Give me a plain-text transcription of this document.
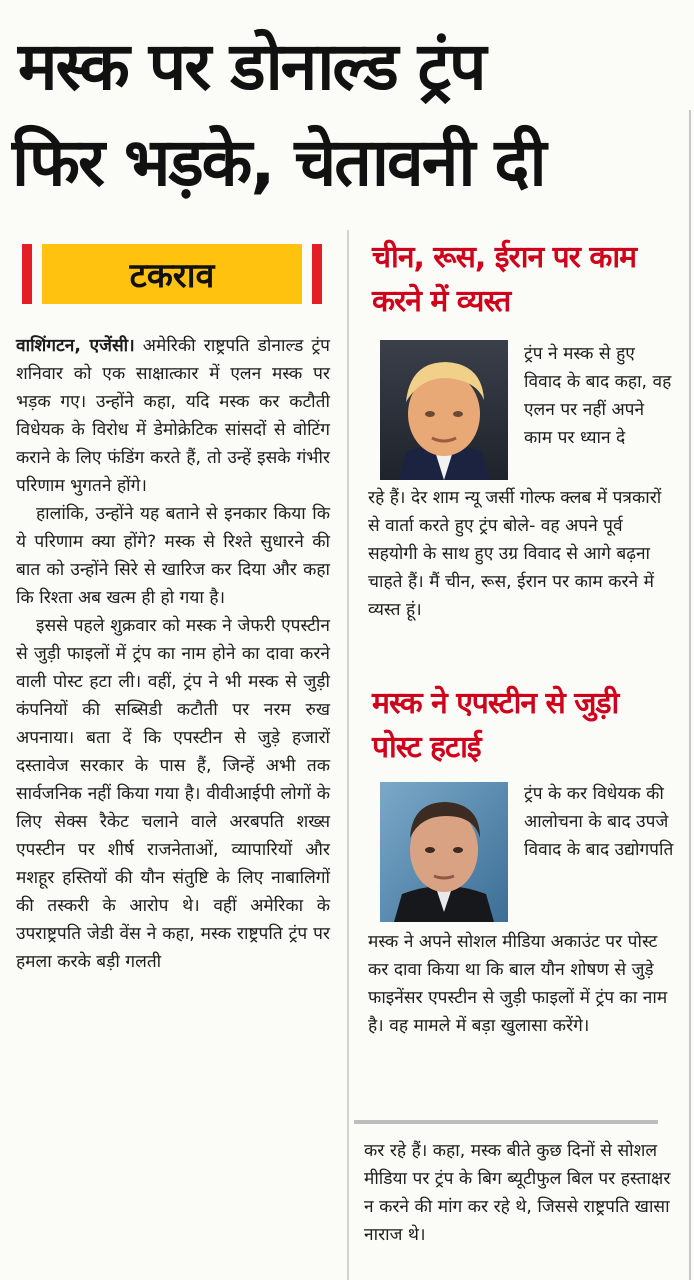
मस्क पर डोनाल्ड ट्रंप
फिर भड़के, चेतावनी दी
टकराव

वाशिंगटन, एजेंसी। अमेरिकी राष्ट्रपति डोनाल्ड ट्रंप शनिवार को एक साक्षात्कार में एलन मस्क पर भड़क गए। उन्होंने कहा, यदि मस्क कर कटौती विधेयक के विरोध में डेमोक्रेटिक सांसदों से वोटिंग कराने के लिए फंडिंग करते हैं, तो उन्हें इसके गंभीर परिणाम भुगतने होंगे।

हालांकि, उन्होंने यह बताने से इनकार किया कि ये परिणाम क्या होंगे? मस्क से रिश्ते सुधारने की बात को उन्होंने सिरे से खारिज कर दिया और कहा कि रिश्ता अब खत्म ही हो गया है।

इससे पहले शुक्रवार को मस्क ने जेफरी एपस्टीन से जुड़ी फाइलों में ट्रंप का नाम होने का दावा करने वाली पोस्ट हटा ली। वहीं, ट्रंप ने भी मस्क से जुड़ी कंपनियों की सब्सिडी कटौती पर नरम रुख अपनाया। बता दें कि एपस्टीन से जुड़े हजारों दस्तावेज सरकार के पास हैं, जिन्हें अभी तक सार्वजनिक नहीं किया गया है। वीवीआईपी लोगों के लिए सेक्स रैकेट चलाने वाले अरबपति शख्स एपस्टीन पर शीर्ष राजनेताओं, व्यापारियों और मशहूर हस्तियों की यौन संतुष्टि के लिए नाबालिगों की तस्करी के आरोप थे। वहीं अमेरिका के उपराष्ट्रपति जेडी वेंस ने कहा, मस्क राष्ट्रपति ट्रंप पर हमला करके बड़ी गलती

चीन, रूस, ईरान पर काम करने में व्यस्त

ट्रंप ने मस्क से हुए विवाद के बाद कहा, वह एलन पर नहीं अपने काम पर ध्यान दे

रहे हैं। देर शाम न्यू जर्सी गोल्फ क्लब में पत्रकारों से वार्ता करते हुए ट्रंप बोले- वह अपने पूर्व सहयोगी के साथ हुए उग्र विवाद से आगे बढ़ना चाहते हैं। मैं चीन, रूस, ईरान पर काम करने में व्यस्त हूं।

मस्क ने एपस्टीन से जुड़ी पोस्ट हटाई

ट्रंप के कर विधेयक की आलोचना के बाद उपजे विवाद के बाद उद्योगपति

मस्क ने अपने सोशल मीडिया अकाउंट पर पोस्ट कर दावा किया था कि बाल यौन शोषण से जुड़े फाइनेंसर एपस्टीन से जुड़ी फाइलों में ट्रंप का नाम है। वह मामले में बड़ा खुलासा करेंगे।

कर रहे हैं। कहा, मस्क बीते कुछ दिनों से सोशल मीडिया पर ट्रंप के बिग ब्यूटीफुल बिल पर हस्ताक्षर न करने की मांग कर रहे थे, जिससे राष्ट्रपति खासा नाराज थे।
